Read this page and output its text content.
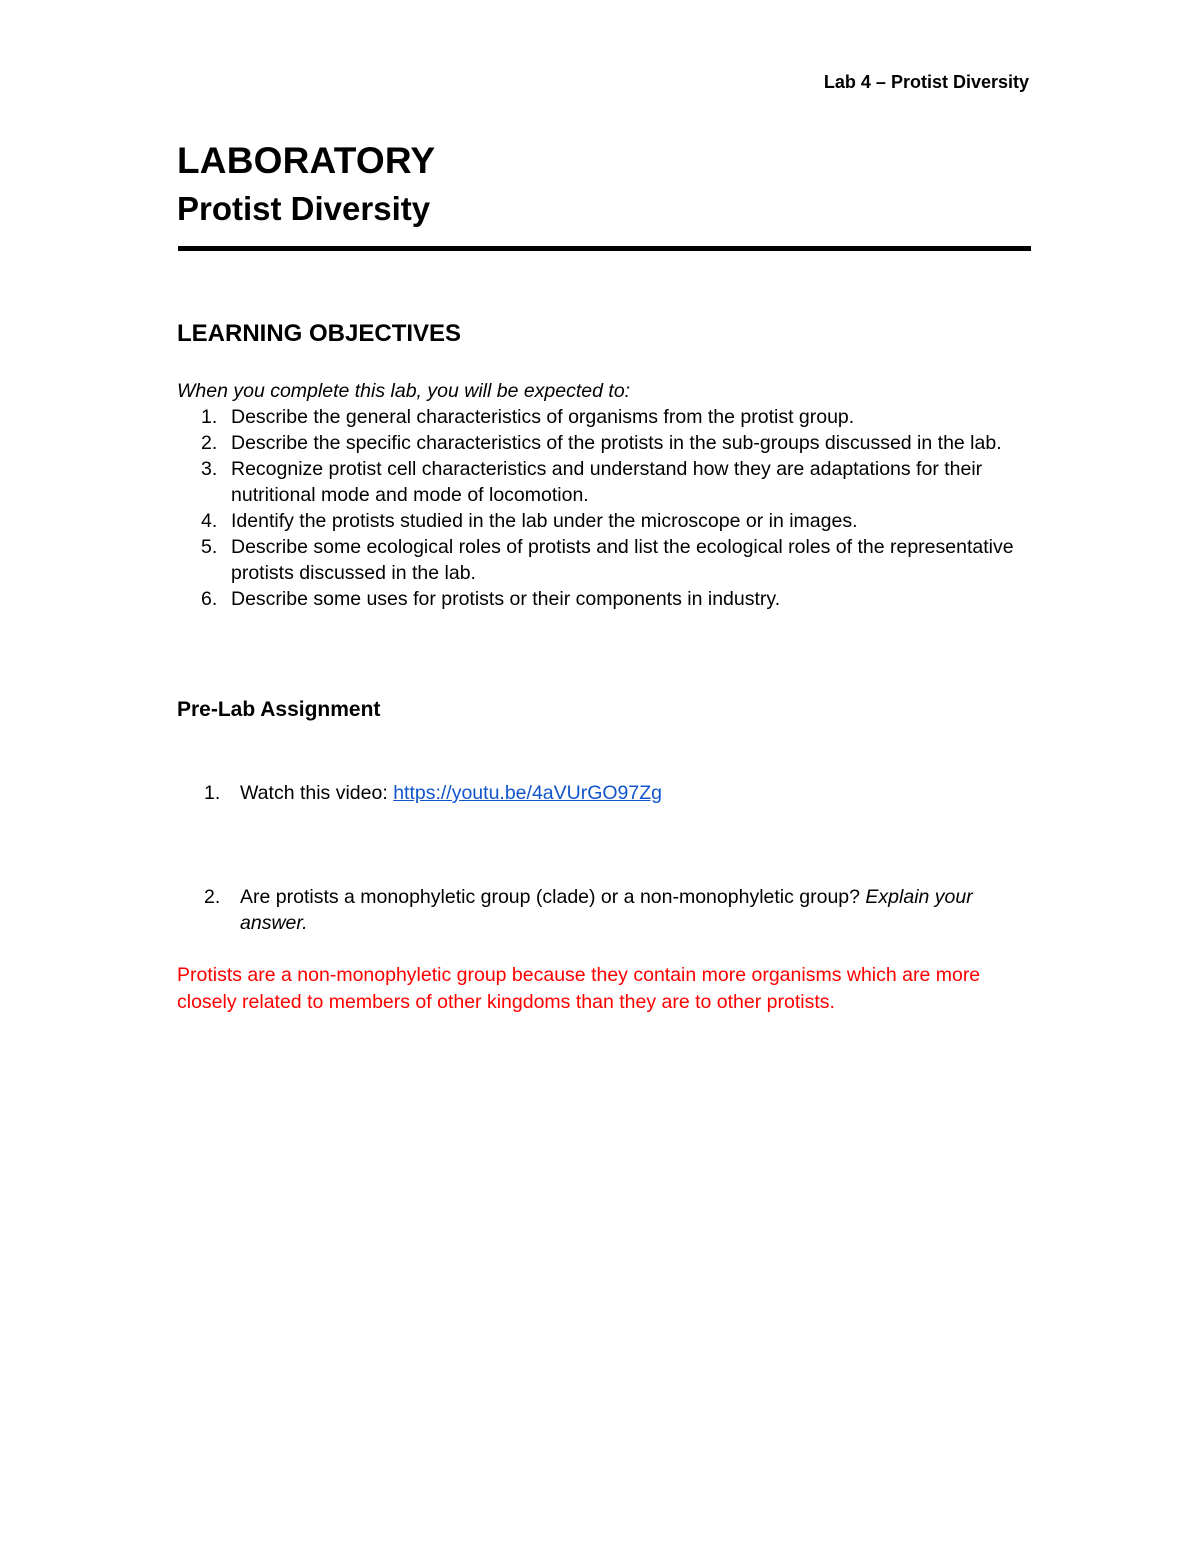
Lab 4 – Protist Diversity
LABORATORY
Protist Diversity
LEARNING OBJECTIVES
When you complete this lab, you will be expected to:
1. Describe the general characteristics of organisms from the protist group.
2. Describe the specific characteristics of the protists in the sub-groups discussed in the lab.
3. Recognize protist cell characteristics and understand how they are adaptations for their nutritional mode and mode of locomotion.
4. Identify the protists studied in the lab under the microscope or in images.
5. Describe some ecological roles of protists and list the ecological roles of the representative protists discussed in the lab.
6. Describe some uses for protists or their components in industry.
Pre-Lab Assignment
1. Watch this video: https://youtu.be/4aVUrGO97Zg
2. Are protists a monophyletic group (clade) or a non-monophyletic group? Explain your answer.
Protists are a non-monophyletic group because they contain more organisms which are more closely related to members of other kingdoms than they are to other protists.
